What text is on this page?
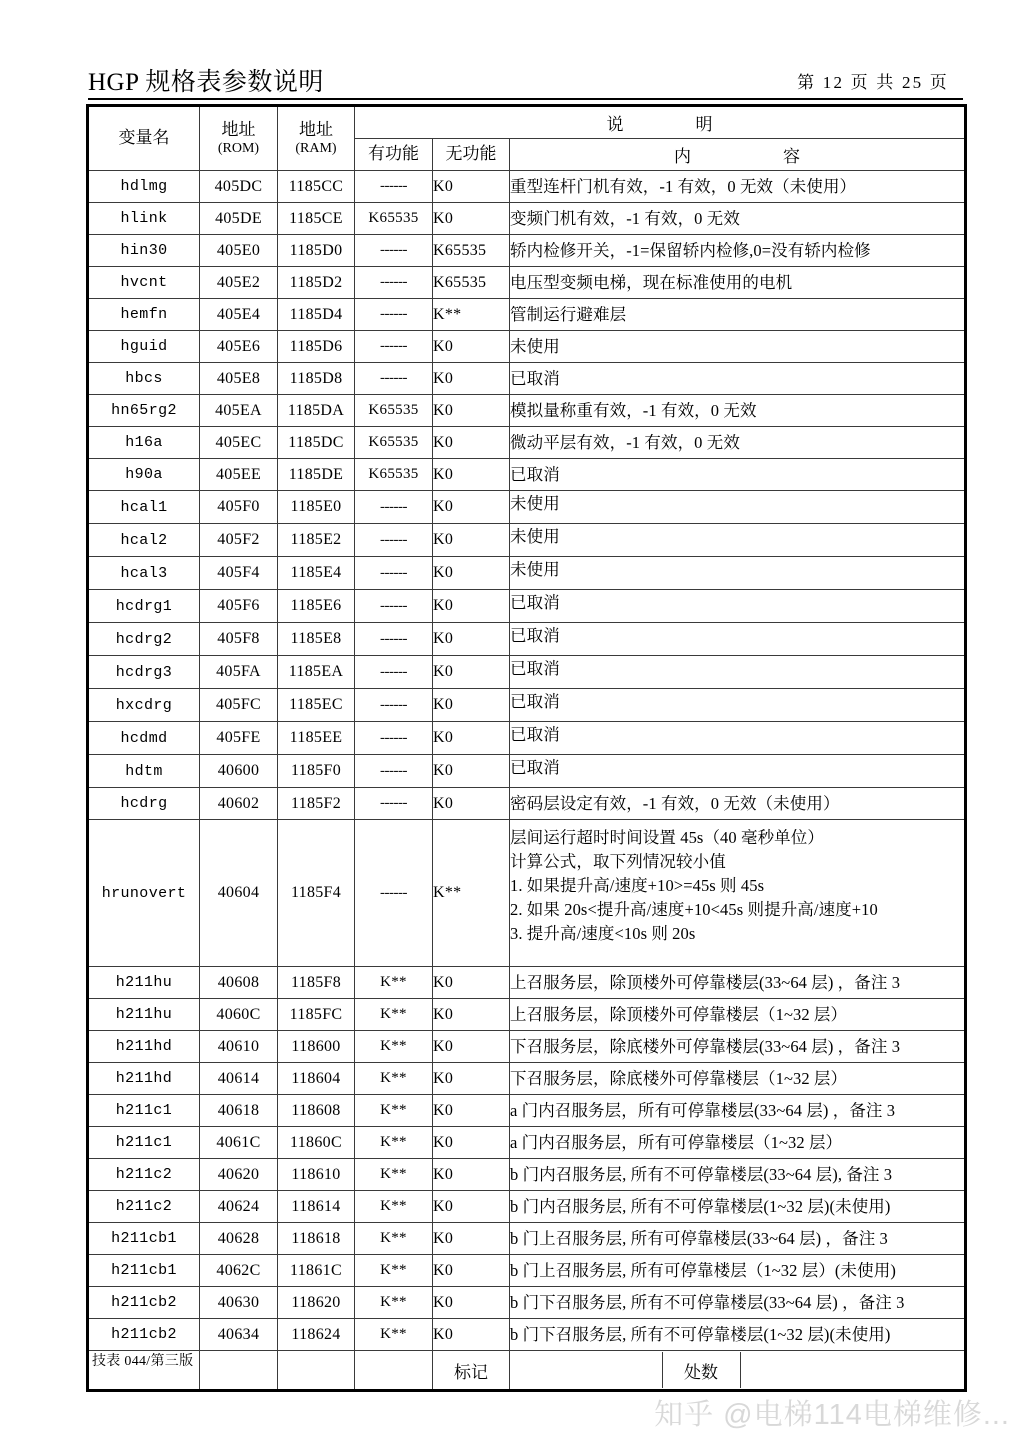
HGP 规格表参数说明	第 12 页 共 25 页
变量名	地址
(ROM)

地址
(RAM)
	说	明
有功能	无功能	内	容
hdlmg	405DC	1185CC	------	K0	重型连杆门机有效，-1 有效，0 无效（未使用）

hlink	405DE	1185CE	K65535	K0	变频门机有效，-1 有效，0 无效

hin30	405E0	1185D0	------	K65535	轿内检修开关，-1=保留轿内检修,0=没有轿内检修

hvcnt	405E2	1185D2	------	K65535	电压型变频电梯，现在标准使用的电机

hemfn	405E4	1185D4	------	K**	管制运行避难层

hguid	405E6	1185D6	------	K0	未使用

hbcs	405E8	1185D8	------	K0	已取消

hn65rg2	405EA	1185DA	K65535	K0	模拟量称重有效，-1 有效，0 无效

h16a	405EC	1185DC	K65535	K0	微动平层有效，-1 有效，0 无效

h90a	405EE	1185DE	K65535	K0	已取消

hcal1	405F0	1185E0	------	K0	未使用

hcal2	405F2	1185E2	------	K0	未使用

hcal3	405F4	1185E4	------	K0	未使用

hcdrg1	405F6	1185E6	------	K0	已取消

hcdrg2	405F8	1185E8	------	K0	已取消

hcdrg3	405FA	1185EA	------	K0	已取消

hxcdrg	405FC	1185EC	------	K0	已取消

hcdmd	405FE	1185EE	------	K0	已取消

hdtm	40600	1185F0	------	K0	已取消

hcdrg	40602	1185F2	------	K0	密码层设定有效，-1 有效，0 无效（未使用）

hrunovert	40604	1185F4	------	K**	
层间运行超时时间设置 45s（40 毫秒单位）
计算公式，取下列情况较小值
1. 如果提升高/速度+10>=45s 则 45s
2. 如果 20s<提升高/速度+10<45s 则提升高/速度+10
3. 提升高/速度<10s 则 20s

h211hu	40608	1185F8	K**	K0	上召服务层，除顶楼外可停靠楼层(33~64 层) ，备注 3

h211hu	4060C	1185FC	K**	K0	上召服务层，除顶楼外可停靠楼层（1~32 层）

h211hd	40610	118600	K**	K0	下召服务层，除底楼外可停靠楼层(33~64 层) ，备注 3

h211hd	40614	118604	K**	K0	下召服务层，除底楼外可停靠楼层（1~32 层）

h211c1	40618	118608	K**	K0	a 门内召服务层，所有可停靠楼层(33~64 层) ，备注 3

h211c1	4061C	11860C	K**	K0	a 门内召服务层，所有可停靠楼层（1~32 层）

h211c2	40620	118610	K**	K0	b 门内召服务层, 所有不可停靠楼层(33~64 层), 备注 3

h211c2	40624	118614	K**	K0	b 门内召服务层, 所有不可停靠楼层(1~32 层)(未使用)

h211cb1	40628	118618	K**	K0	b 门上召服务层, 所有可停靠楼层(33~64 层) ，备注 3

h211cb1	4062C	11861C	K**	K0	b 门上召服务层, 所有可停靠楼层（1~32 层）(未使用)

h211cb2	40630	118620	K**	K0	b 门下召服务层, 所有不可停靠楼层(33~64 层) ，备注 3

h211cb2	40634	118624	K**	K0	b 门下召服务层, 所有不可停靠楼层(1~32 层)(未使用)

				标记	
		处数	
技表 044/第三版
知乎 @电梯114电梯维修...
